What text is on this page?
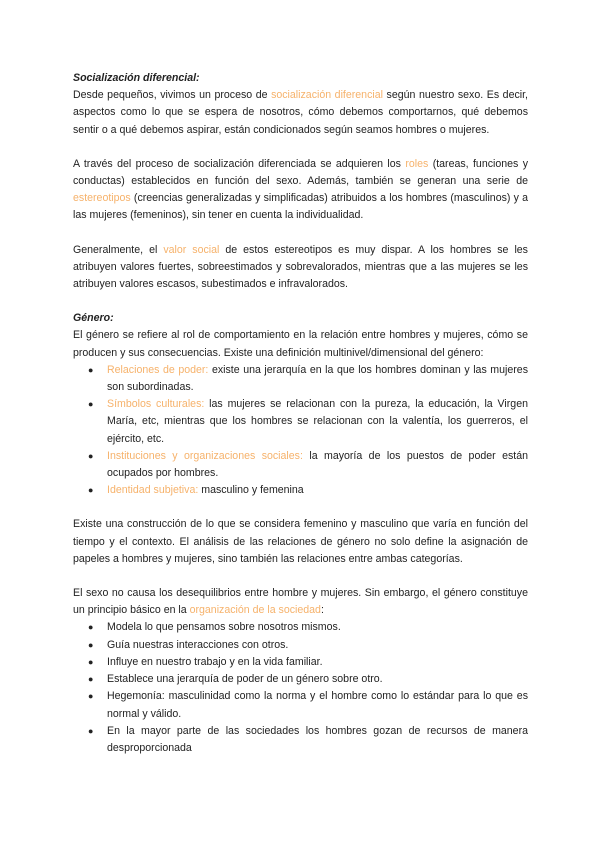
Socialización diferencial:

Desde pequeños, vivimos un proceso de socialización diferencial según nuestro sexo. Es decir, aspectos como lo que se espera de nosotros, cómo debemos comportarnos, qué debemos sentir o a qué debemos aspirar, están condicionados según seamos hombres o mujeres.

A través del proceso de socialización diferenciada se adquieren los roles (tareas, funciones y conductas) establecidos en función del sexo. Además, también se generan una serie de estereotipos (creencias generalizadas y simplificadas) atribuidos a los hombres (masculinos) y a las mujeres (femeninos), sin tener en cuenta la individualidad.

Generalmente, el valor social de estos estereotipos es muy dispar. A los hombres se les atribuyen valores fuertes, sobreestimados y sobrevalorados, mientras que a las mujeres se les atribuyen valores escasos, subestimados e infravalorados.

Género:

El género se refiere al rol de comportamiento en la relación entre hombres y mujeres, cómo se producen y sus consecuencias. Existe una definición multinivel/dimensional del género:

● Relaciones de poder: existe una jerarquía en la que los hombres dominan y las mujeres son subordinadas.
● Símbolos culturales: las mujeres se relacionan con la pureza, la educación, la Virgen María, etc, mientras que los hombres se relacionan con la valentía, los guerreros, el ejército, etc.
● Instituciones y organizaciones sociales: la mayoría de los puestos de poder están ocupados por hombres.
● Identidad subjetiva: masculino y femenina

Existe una construcción de lo que se considera femenino y masculino que varía en función del tiempo y el contexto. El análisis de las relaciones de género no solo define la asignación de papeles a hombres y mujeres, sino también las relaciones entre ambas categorías.

El sexo no causa los desequilibrios entre hombre y mujeres. Sin embargo, el género constituye un principio básico en la organización de la sociedad:

● Modela lo que pensamos sobre nosotros mismos.
● Guía nuestras interacciones con otros.
● Influye en nuestro trabajo y en la vida familiar.
● Establece una jerarquía de poder de un género sobre otro.
● Hegemonía: masculinidad como la norma y el hombre como lo estándar para lo que es normal y válido.
● En la mayor parte de las sociedades los hombres gozan de recursos de manera desproporcionada
